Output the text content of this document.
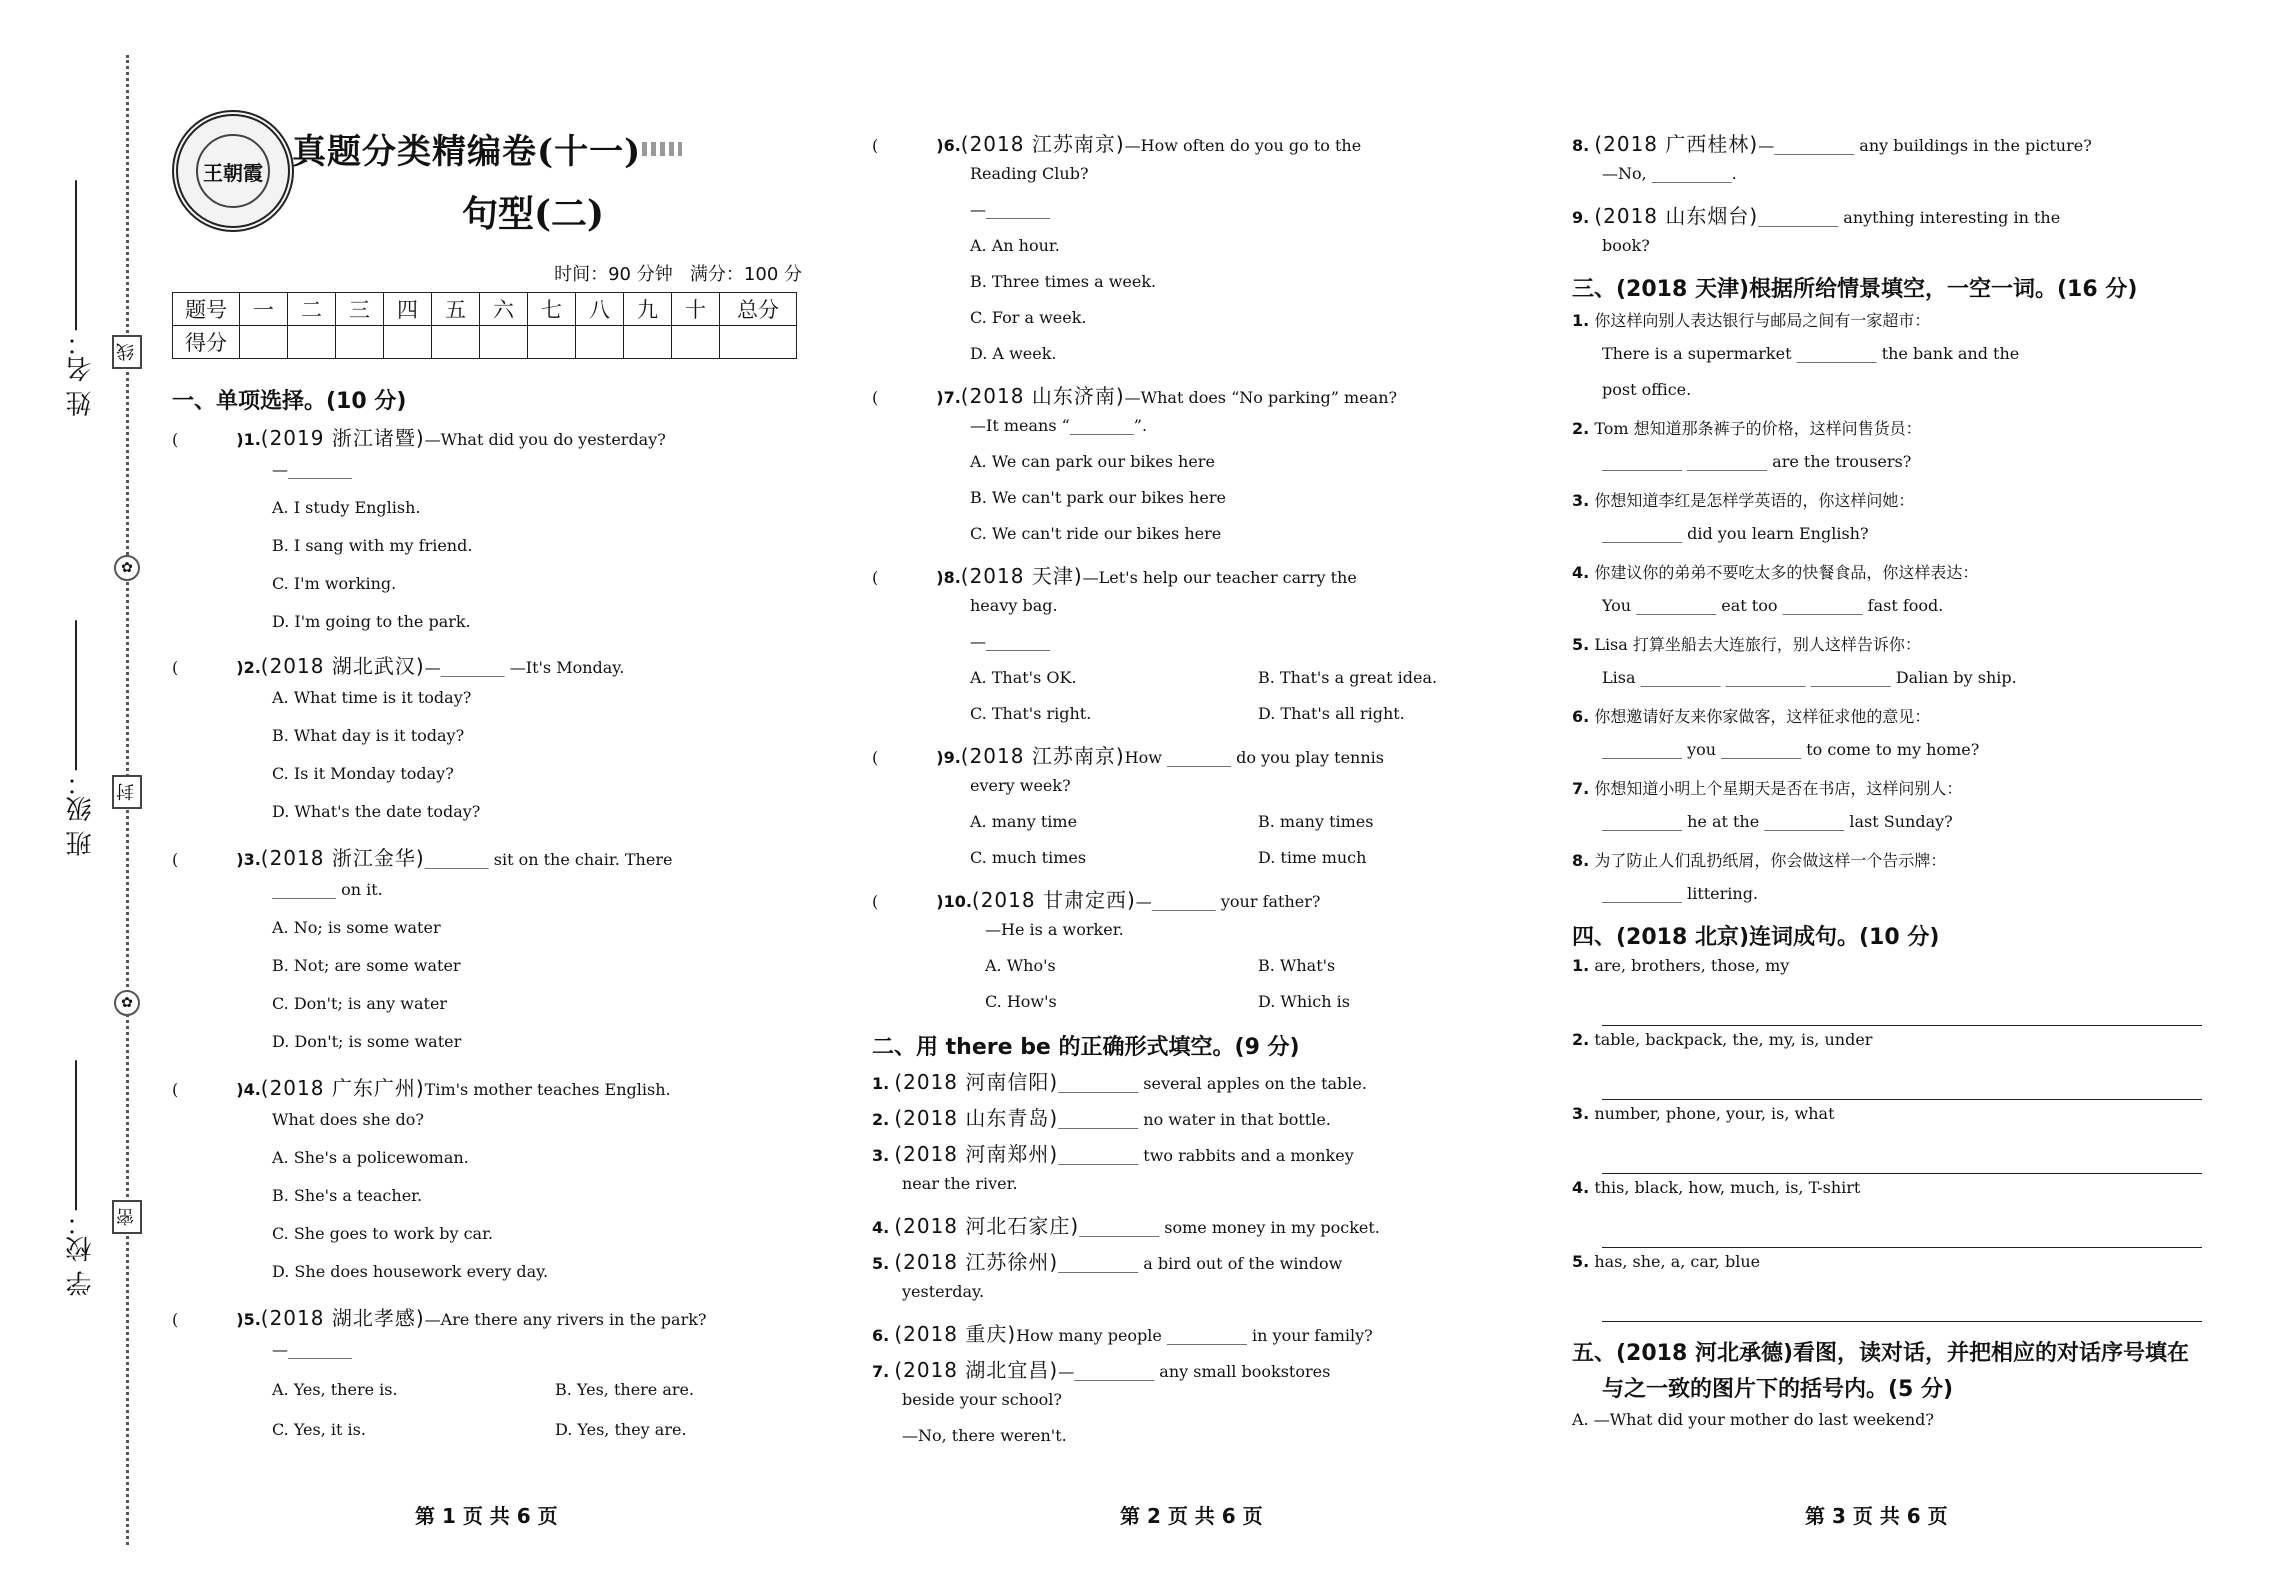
姓 名：
班 级：
学 校：
线
✿
封
✿
密
王朝霞
真题分类精编卷(十一)
句型(二)
时间：90 分钟 满分：100 分
题号	一	二	三	四	五	六	七	八	九	十	总分
得分											
一、单项选择。(10 分)
(	)1.(2019 浙江诸暨)—What did you do yesterday?
—________
A. I study English.
B. I sang with my friend.
C. I'm working.
D. I'm going to the park.
(	)2.(2018 湖北武汉)—________ —It's Monday.
A. What time is it today?
B. What day is it today?
C. Is it Monday today?
D. What's the date today?
(	)3.(2018 浙江金华)________ sit on the chair. There
________ on it.
A. No; is some water
B. Not; are some water
C. Don't; is any water
D. Don't; is some water
(	)4.(2018 广东广州)Tim's mother teaches English.
What does she do?
A. She's a policewoman.
B. She's a teacher.
C. She goes to work by car.
D. She does housework every day.
(	)5.(2018 湖北孝感)—Are there any rivers in the park?
—________
A. Yes, there is.	B. Yes, there are.
C. Yes, it is.	D. Yes, they are.
第 1 页 共 6 页
(	)6.(2018 江苏南京)—How often do you go to the
Reading Club?
—________
A. An hour.
B. Three times a week.
C. For a week.
D. A week.
(	)7.(2018 山东济南)—What does “No parking” mean?
—It means “________”.
A. We can park our bikes here
B. We can't park our bikes here
C. We can't ride our bikes here
(	)8.(2018 天津)—Let's help our teacher carry the
heavy bag.
—________
A. That's OK.	B. That's a great idea.
C. That's right.	D. That's all right.
(	)9.(2018 江苏南京)How ________ do you play tennis
every week?
A. many time	B. many times
C. much times	D. time much
(	)10.(2018 甘肃定西)—________ your father?
—He is a worker.
A. Who's	B. What's
C. How's	D. Which is
二、用 there be 的正确形式填空。(9 分)
1. (2018 河南信阳)__________ several apples on the table.
2. (2018 山东青岛)__________ no water in that bottle.
3. (2018 河南郑州)__________ two rabbits and a monkey
near the river.
4. (2018 河北石家庄)__________ some money in my pocket.
5. (2018 江苏徐州)__________ a bird out of the window
yesterday.
6. (2018 重庆)How many people __________ in your family?
7. (2018 湖北宜昌)—__________ any small bookstores
beside your school?
—No, there weren't.
第 2 页 共 6 页
8. (2018 广西桂林)—__________ any buildings in the picture?
—No, __________.
9. (2018 山东烟台)__________ anything interesting in the
book?
三、(2018 天津)根据所给情景填空，一空一词。(16 分)
1. 你这样向别人表达银行与邮局之间有一家超市：
There is a supermarket __________ the bank and the
post office.
2. Tom 想知道那条裤子的价格，这样问售货员：
__________ __________ are the trousers?
3. 你想知道李红是怎样学英语的，你这样问她：
__________ did you learn English?
4. 你建议你的弟弟不要吃太多的快餐食品，你这样表达：
You __________ eat too __________ fast food.
5. Lisa 打算坐船去大连旅行，别人这样告诉你：
Lisa __________ __________ __________ Dalian by ship.
6. 你想邀请好友来你家做客，这样征求他的意见：
__________ you __________ to come to my home?
7. 你想知道小明上个星期天是否在书店，这样问别人：
__________ he at the __________ last Sunday?
8. 为了防止人们乱扔纸屑，你会做这样一个告示牌：
__________ littering.
四、(2018 北京)连词成句。(10 分)
1. are, brothers, those, my
2. table, backpack, the, my, is, under
3. number, phone, your, is, what
4. this, black, how, much, is, T-shirt
5. has, she, a, car, blue
五、(2018 河北承德)看图，读对话，并把相应的对话序号填在
与之一致的图片下的括号内。(5 分)
A. —What did your mother do last weekend?
第 3 页 共 6 页
